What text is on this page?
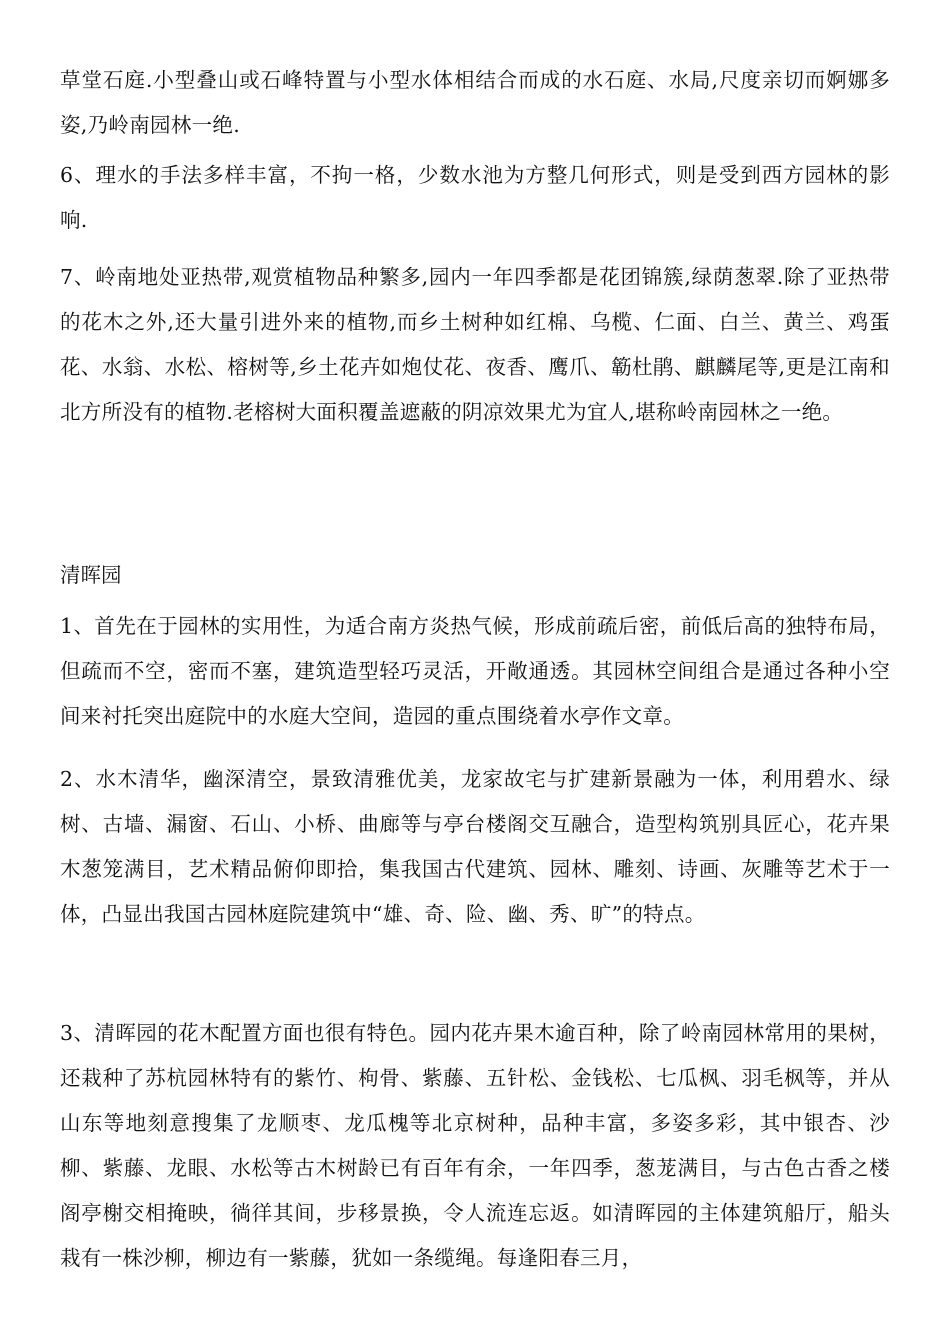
草堂石庭.小型叠山或石峰特置与小型水体相结合而成的水石庭、水局,尺度亲切而婀娜多姿,乃岭南园林一绝.
6、理水的手法多样丰富，不拘一格，少数水池为方整几何形式，则是受到西方园林的影响.
7、岭南地处亚热带,观赏植物品种繁多,园内一年四季都是花团锦簇,绿荫葱翠.除了亚热带的花木之外,还大量引进外来的植物,而乡土树种如红棉、乌榄、仁面、白兰、黄兰、鸡蛋花、水翁、水松、榕树等,乡土花卉如炮仗花、夜香、鹰爪、簕杜鹃、麒麟尾等,更是江南和北方所没有的植物.老榕树大面积覆盖遮蔽的阴凉效果尤为宜人,堪称岭南园林之一绝。
清晖园
1、首先在于园林的实用性，为适合南方炎热气候，形成前疏后密，前低后高的独特布局，但疏而不空，密而不塞，建筑造型轻巧灵活，开敞通透。其园林空间组合是通过各种小空间来衬托突出庭院中的水庭大空间，造园的重点围绕着水亭作文章。
2、水木清华，幽深清空，景致清雅优美，龙家故宅与扩建新景融为一体，利用碧水、绿树、古墙、漏窗、石山、小桥、曲廊等与亭台楼阁交互融合，造型构筑别具匠心，花卉果木葱笼满目，艺术精品俯仰即拾，集我国古代建筑、园林、雕刻、诗画、灰雕等艺术于一体，凸显出我国古园林庭院建筑中“雄、奇、险、幽、秀、旷”的特点。
3、清晖园的花木配置方面也很有特色。园内花卉果木逾百种，除了岭南园林常用的果树，还栽种了苏杭园林特有的紫竹、枸骨、紫藤、五针松、金钱松、七瓜枫、羽毛枫等，并从山东等地刻意搜集了龙顺枣、龙瓜槐等北京树种，品种丰富，多姿多彩，其中银杏、沙柳、紫藤、龙眼、水松等古木树龄已有百年有余，一年四季，葱茏满目，与古色古香之楼阁亭榭交相掩映，徜徉其间，步移景换，令人流连忘返。如清晖园的主体建筑船厅，船头栽有一株沙柳，柳边有一紫藤，犹如一条缆绳。每逢阳春三月，
